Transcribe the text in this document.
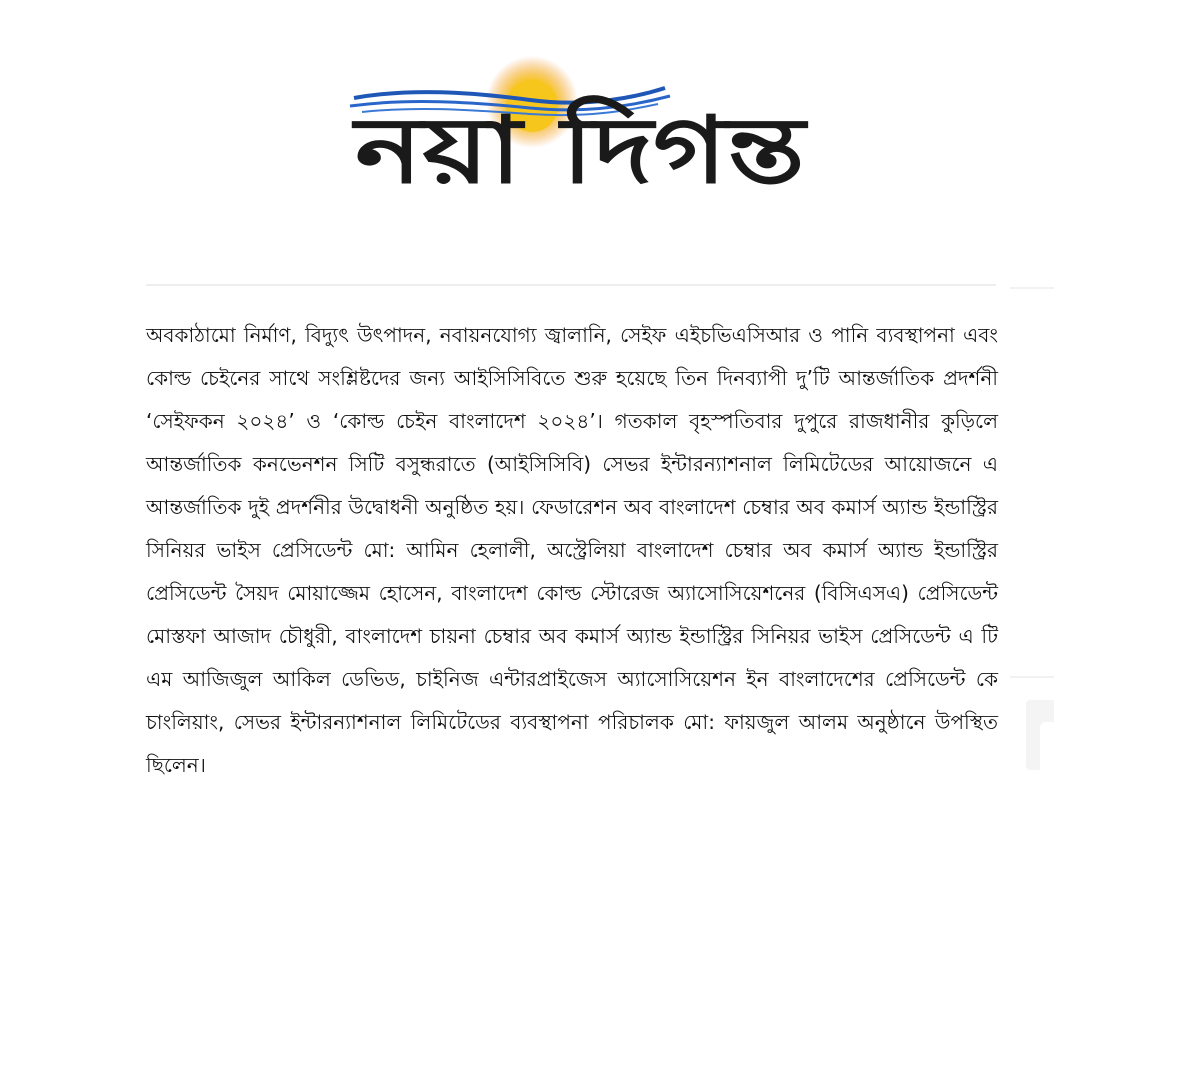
নয়া দিগন্ত

অবকাঠামো নির্মাণ, বিদ্যুৎ উৎপাদন, নবায়নযোগ্য জ্বালানি, সেইফ এইচভিএসিআর ও পানি ব্যবস্থাপনা এবং কোল্ড চেইনের সাথে সংশ্লিষ্টদের জন্য আইসিসিবিতে শুরু হয়েছে তিন দিনব্যাপী দু’টি আন্তর্জাতিক প্রদর্শনী ‘সেইফকন ২০২৪’ ও ‘কোল্ড চেইন বাংলাদেশ ২০২৪’। গতকাল বৃহস্পতিবার দুপুরে রাজধানীর কুড়িলে আন্তর্জাতিক কনভেনশন সিটি বসুন্ধরাতে (আইসিসিবি) সেভর ইন্টারন্যাশনাল লিমিটেডের আয়োজনে এ আন্তর্জাতিক দুই প্রদর্শনীর উদ্বোধনী অনুষ্ঠিত হয়। ফেডারেশন অব বাংলাদেশ চেম্বার অব কমার্স অ্যান্ড ইন্ডাস্ট্রির সিনিয়র ভাইস প্রেসিডেন্ট মো: আমিন হেলালী, অস্ট্রেলিয়া বাংলাদেশ চেম্বার অব কমার্স অ্যান্ড ইন্ডাস্ট্রির প্রেসিডেন্ট সৈয়দ মোয়াজ্জেম হোসেন, বাংলাদেশ কোল্ড স্টোরেজ অ্যাসোসিয়েশনের (বিসিএসএ) প্রেসিডেন্ট মোস্তফা আজাদ চৌধুরী, বাংলাদেশ চায়না চেম্বার অব কমার্স অ্যান্ড ইন্ডাস্ট্রির সিনিয়র ভাইস প্রেসিডেন্ট এ টি এম আজিজুল আকিল ডেভিড, চাইনিজ এন্টারপ্রাইজেস অ্যাসোসিয়েশন ইন বাংলাদেশের প্রেসিডেন্ট কে চাংলিয়াং, সেভর ইন্টারন্যাশনাল লিমিটেডের ব্যবস্থাপনা পরিচালক মো: ফায়জুল আলম অনুষ্ঠানে উপস্থিত ছিলেন।
